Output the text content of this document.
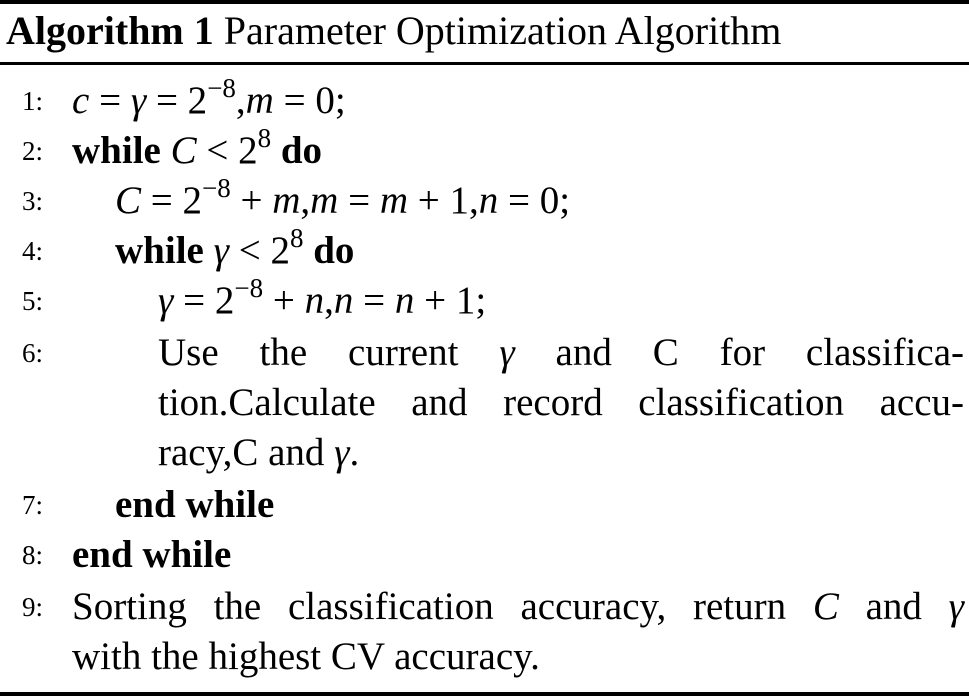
Algorithm 1 Parameter Optimization Algorithm
1: $c = \gamma = 2^{-8},m = 0$;
2: while $C < 2^8$ do
3:	$C = 2^{-8} + m,m = m + 1,n = 0$;
4:	while $\gamma < 2^8$ do
5:	$\gamma = 2^{-8} + n,n = n + 1$;
6:	Use the current γ and C for classifica-
tion.Calculate and record classification accu-
racy,C and γ.
7:	end while
8: end while
9: Sorting the classification accuracy, return C and γ
with the highest CV accuracy.
